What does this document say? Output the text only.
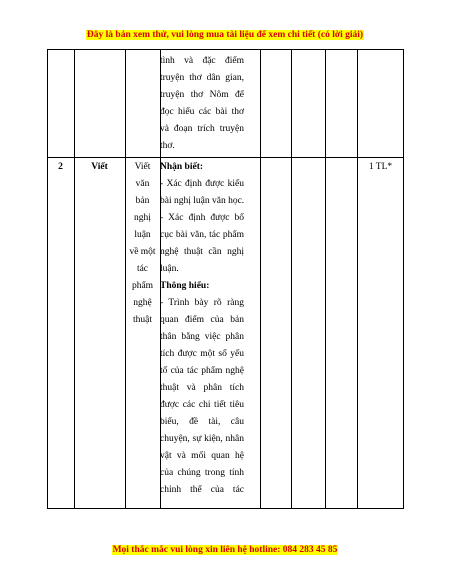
Đây là bản xem thử, vui lòng mua tài liệu để xem chi tiết (có lời giải)
tình và đặc điểm
truyện thơ dân gian,
truyện thơ Nôm để
đọc hiểu các bài thơ
và đoạn trích truyện
thơ.
2	Viết	Viết
văn
bản
nghị
luận
về một
tác
phẩm
nghệ
thuật
Nhận biết:
- Xác định được kiểu
bài nghị luận văn học.
- Xác định được bố
cục bài văn, tác phẩm
nghệ thuật cần nghị
luận.
Thông hiểu:
- Trình bày rõ ràng
quan điểm của bản
thân bằng việc phân
tích được một số yếu
tố của tác phẩm nghệ
thuật và phân tích
được các chi tiết tiêu
biểu, đề tài, câu
chuyện, sự kiện, nhân
vật và mối quan hệ
của chúng trong tính
chỉnh thể của tác
1 TL*
Mọi thắc mắc vui lòng xin liên hệ hotline: 084 283 45 85
